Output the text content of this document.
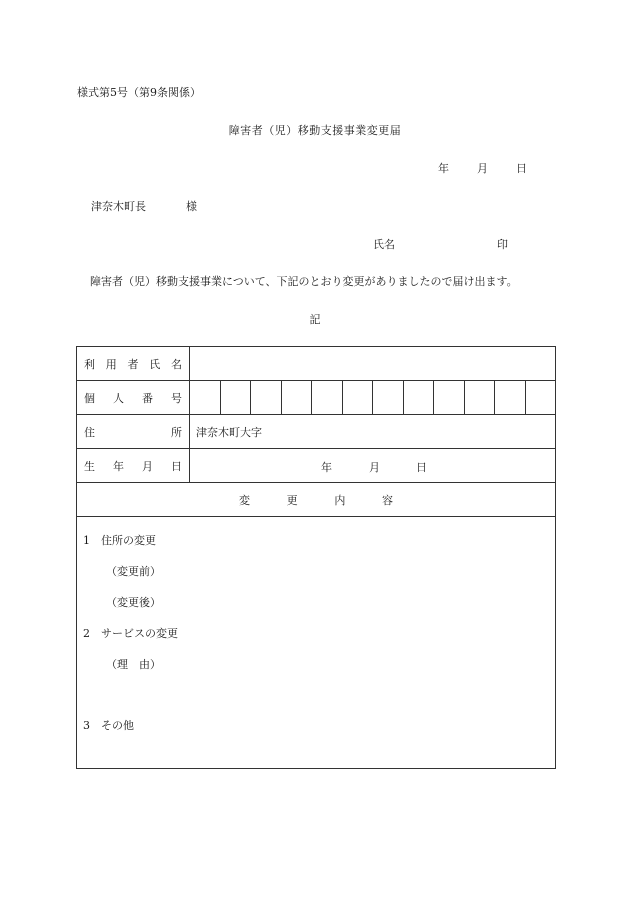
様式第5号（第9条関係）
障害者（児）移動支援事業変更届
年	月	日
津奈木町長	様
氏名	印
障害者（児）移動支援事業について、下記のとおり変更がありましたので届け出ます。
記
利 用 者 氏 名
個 人 番 号
住	所	津奈木町大字
生 年 月 日	年	月	日
変	更	内	容
1　住所の変更
（変更前）
（変更後）
2　サービスの変更
（理　由）
3　その他
